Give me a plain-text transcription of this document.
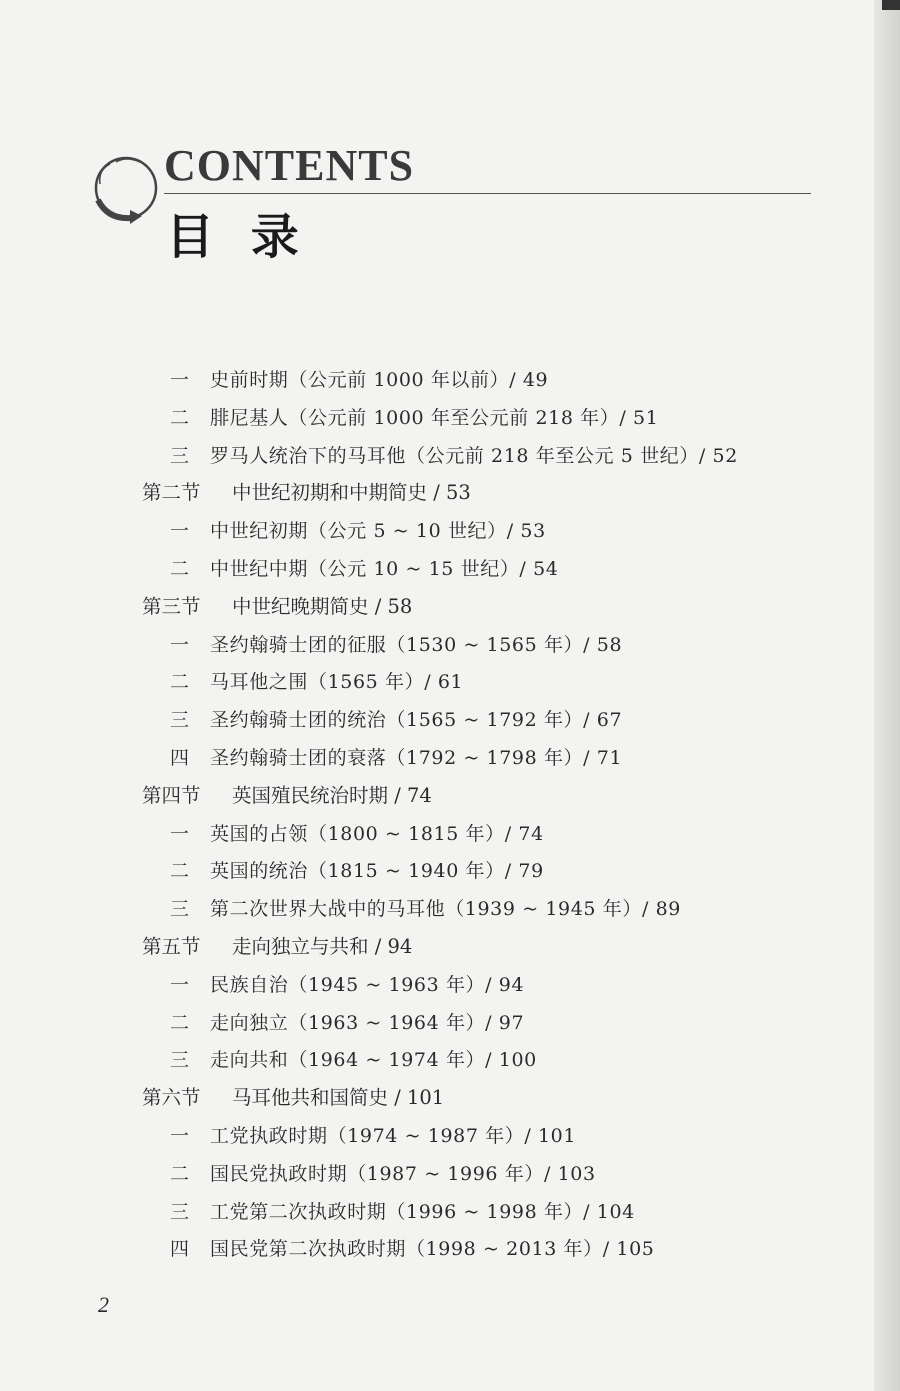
CONTENTS
目 录
一 史前时期（公元前 1000 年以前）/ 49
二 腓尼基人（公元前 1000 年至公元前 218 年）/ 51
三 罗马人统治下的马耳他（公元前 218 年至公元 5 世纪）/ 52
第二节 中世纪初期和中期简史 / 53
一 中世纪初期（公元 5 ~ 10 世纪）/ 53
二 中世纪中期（公元 10 ~ 15 世纪）/ 54
第三节 中世纪晚期简史 / 58
一 圣约翰骑士团的征服（1530 ~ 1565 年）/ 58
二 马耳他之围（1565 年）/ 61
三 圣约翰骑士团的统治（1565 ~ 1792 年）/ 67
四 圣约翰骑士团的衰落（1792 ~ 1798 年）/ 71
第四节 英国殖民统治时期 / 74
一 英国的占领（1800 ~ 1815 年）/ 74
二 英国的统治（1815 ~ 1940 年）/ 79
三 第二次世界大战中的马耳他（1939 ~ 1945 年）/ 89
第五节 走向独立与共和 / 94
一 民族自治（1945 ~ 1963 年）/ 94
二 走向独立（1963 ~ 1964 年）/ 97
三 走向共和（1964 ~ 1974 年）/ 100
第六节 马耳他共和国简史 / 101
一 工党执政时期（1974 ~ 1987 年）/ 101
二 国民党执政时期（1987 ~ 1996 年）/ 103
三 工党第二次执政时期（1996 ~ 1998 年）/ 104
四 国民党第二次执政时期（1998 ~ 2013 年）/ 105
2
